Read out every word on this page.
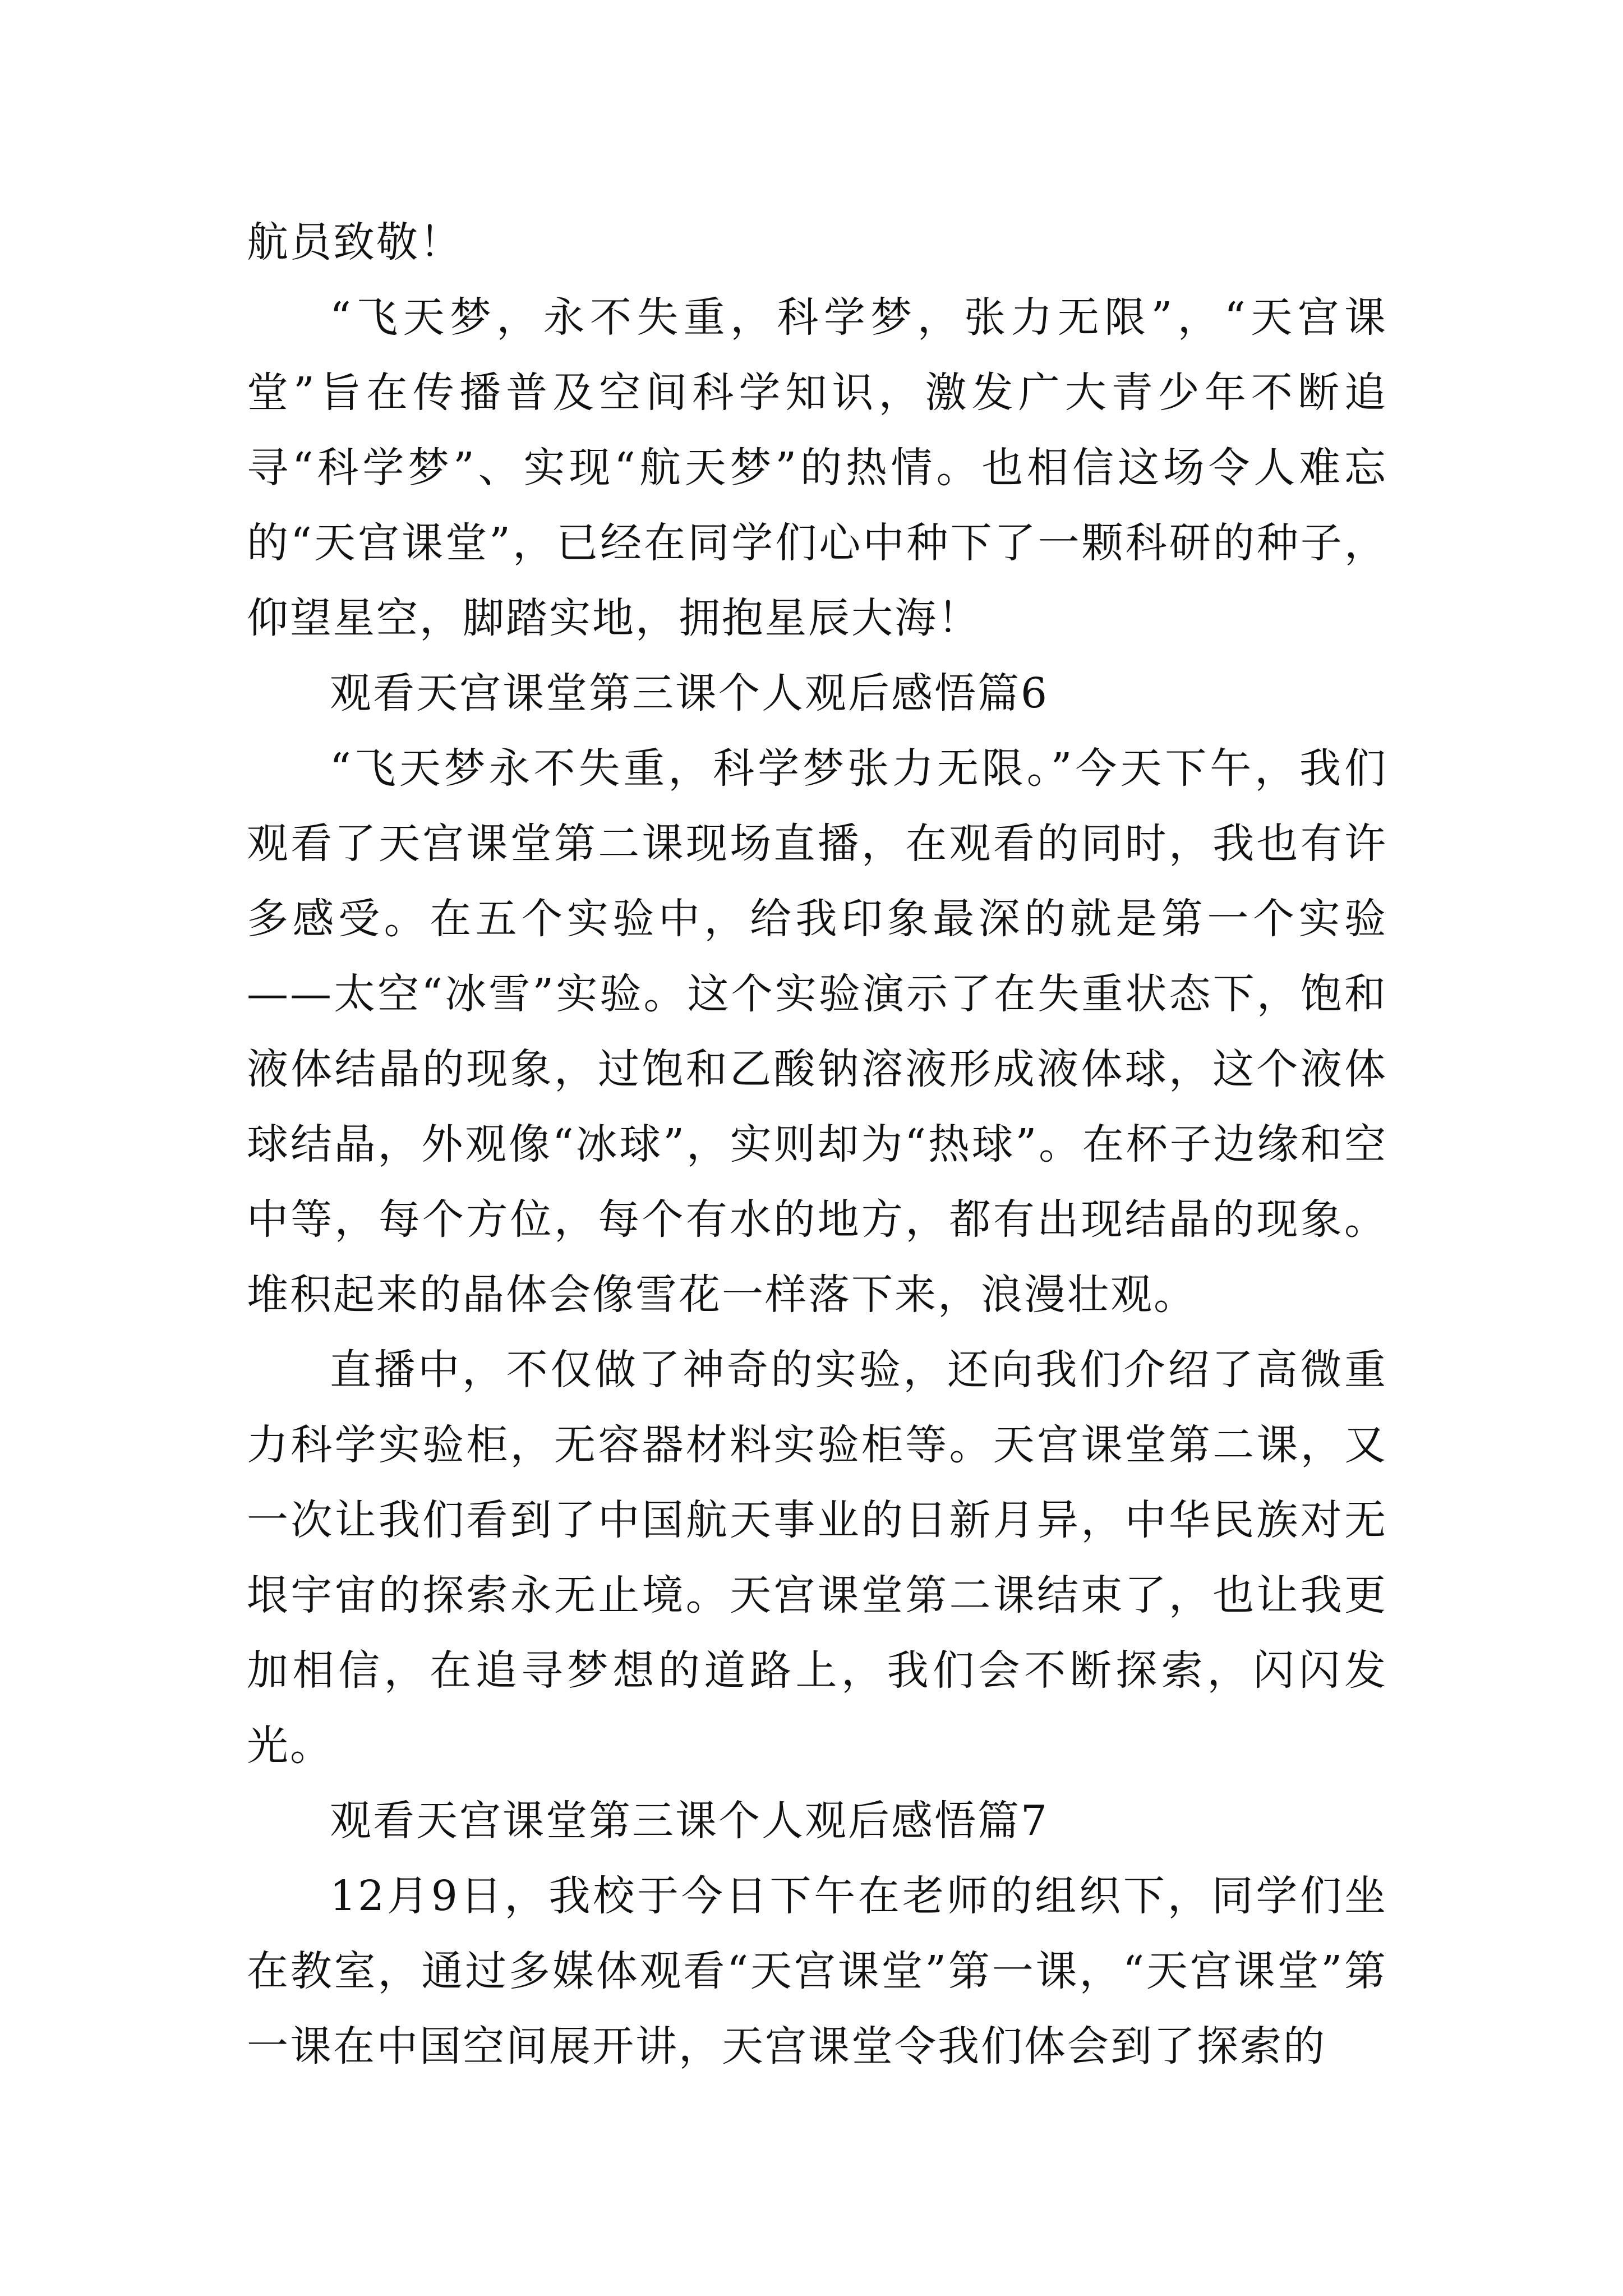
航员致敬！

“飞天梦，永不失重，科学梦，张力无限”，“天宫课堂”旨在传播普及空间科学知识，激发广大青少年不断追寻“科学梦”、实现“航天梦”的热情。也相信这场令人难忘的“天宫课堂”，已经在同学们心中种下了一颗科研的种子，仰望星空，脚踏实地，拥抱星辰大海！

观看天宫课堂第三课个人观后感悟篇6

“飞天梦永不失重，科学梦张力无限。”今天下午，我们观看了天宫课堂第二课现场直播，在观看的同时，我也有许多感受。在五个实验中，给我印象最深的就是第一个实验——太空“冰雪”实验。这个实验演示了在失重状态下，饱和液体结晶的现象，过饱和乙酸钠溶液形成液体球，这个液体球结晶，外观像“冰球”，实则却为“热球”。在杯子边缘和空中等，每个方位，每个有水的地方，都有出现结晶的现象。堆积起来的晶体会像雪花一样落下来，浪漫壮观。

直播中，不仅做了神奇的实验，还向我们介绍了高微重力科学实验柜，无容器材料实验柜等。天宫课堂第二课，又一次让我们看到了中国航天事业的日新月异，中华民族对无垠宇宙的探索永无止境。天宫课堂第二课结束了，也让我更加相信，在追寻梦想的道路上，我们会不断探索，闪闪发光。

观看天宫课堂第三课个人观后感悟篇7

12月9日，我校于今日下午在老师的组织下，同学们坐在教室，通过多媒体观看“天宫课堂”第一课，“天宫课堂”第一课在中国空间展开讲，天宫课堂令我们体会到了探索的
